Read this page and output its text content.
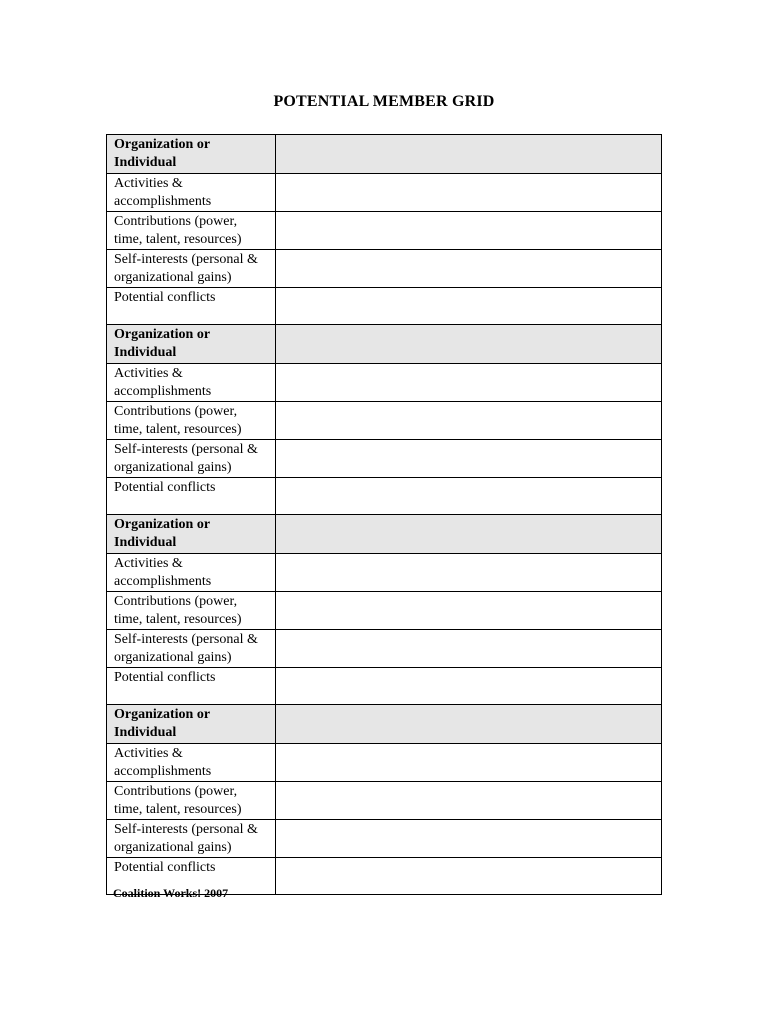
POTENTIAL MEMBER GRID
Organization or Individual	
Activities & accomplishments	
Contributions (power, time, talent, resources)	
Self-interests (personal & organizational gains)	
Potential conflicts	
Organization or Individual	
Activities & accomplishments	
Contributions (power, time, talent, resources)	
Self-interests (personal & organizational gains)	
Potential conflicts	
Organization or Individual	
Activities & accomplishments	
Contributions (power, time, talent, resources)	
Self-interests (personal & organizational gains)	
Potential conflicts	
Organization or Individual	
Activities & accomplishments	
Contributions (power, time, talent, resources)	
Self-interests (personal & organizational gains)	
Potential conflicts	
Coalition Works! 2007
